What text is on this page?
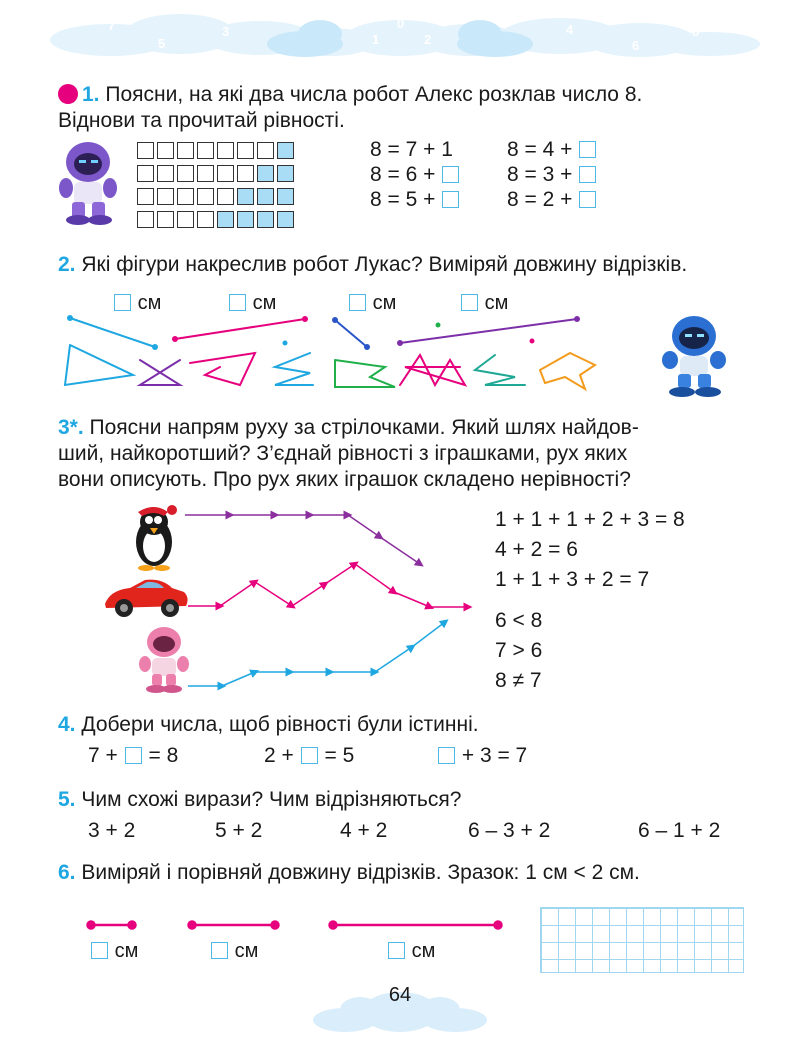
7
5
3
1
0
2
4
6
8
1. Поясни, на які два числа робот Алекс розклав число 8.
Віднови та прочитай рівності.
8 = 7 + 1
8 = 6 +
8 = 5 +
8 = 4 +
8 = 3 +
8 = 2 +
2. Які фігури накреслив робот Лукас? Виміряй довжину відрізків.
см	см	см	см
3*. Поясни напрям руху за стрілочками. Який шлях найдов-
ший, найкоротший? З’єднай рівності з іграшками, рух яких
вони описують. Про рух яких іграшок складено нерівності?
1 + 1 + 1 + 2 + 3 = 8
4 + 2 = 6
1 + 1 + 3 + 2 = 7
6 < 8
7 > 6
8 ≠ 7
4. Добери числа, щоб рівності були істинні.
7 + = 8	2 + = 5	+ 3 = 7
5. Чим схожі вирази? Чим відрізняються?
3 + 2	5 + 2	4 + 2	6 – 3 + 2	6 – 1 + 2
6. Виміряй і порівняй довжину відрізків. Зразок: 1 см < 2 см.
см	см	см
64
